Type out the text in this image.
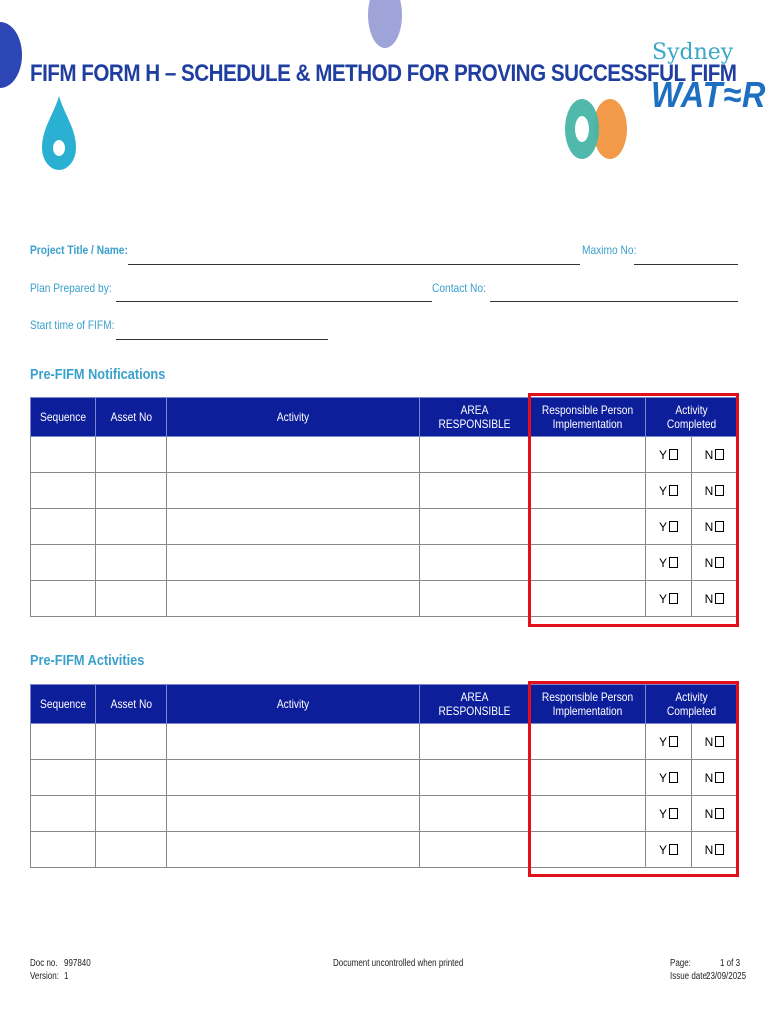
FIFM FORM H – SCHEDULE & METHOD FOR PROVING SUCCESSFUL FIFM
Sydney
WAT≈R
Project Title / Name:	Maximo No:
Plan Prepared by:	Contact No:
Start time of FIFM:
Pre-FIFM Notifications
Sequence	Asset No	Activity	AREA RESPONSIBLE	Responsible Person Implementation	Activity Completed	
					Y	N
					Y	N
					Y	N
					Y	N
					Y	N
Pre-FIFM Activities
Sequence	Asset No	Activity	AREA RESPONSIBLE	Responsible Person Implementation	Activity Completed	
					Y	N
					Y	N
					Y	N
					Y	N
Doc no. 997840
Version: 1
Document uncontrolled when printed	Page:	1 of 3
Issue date:
23/09/2025
